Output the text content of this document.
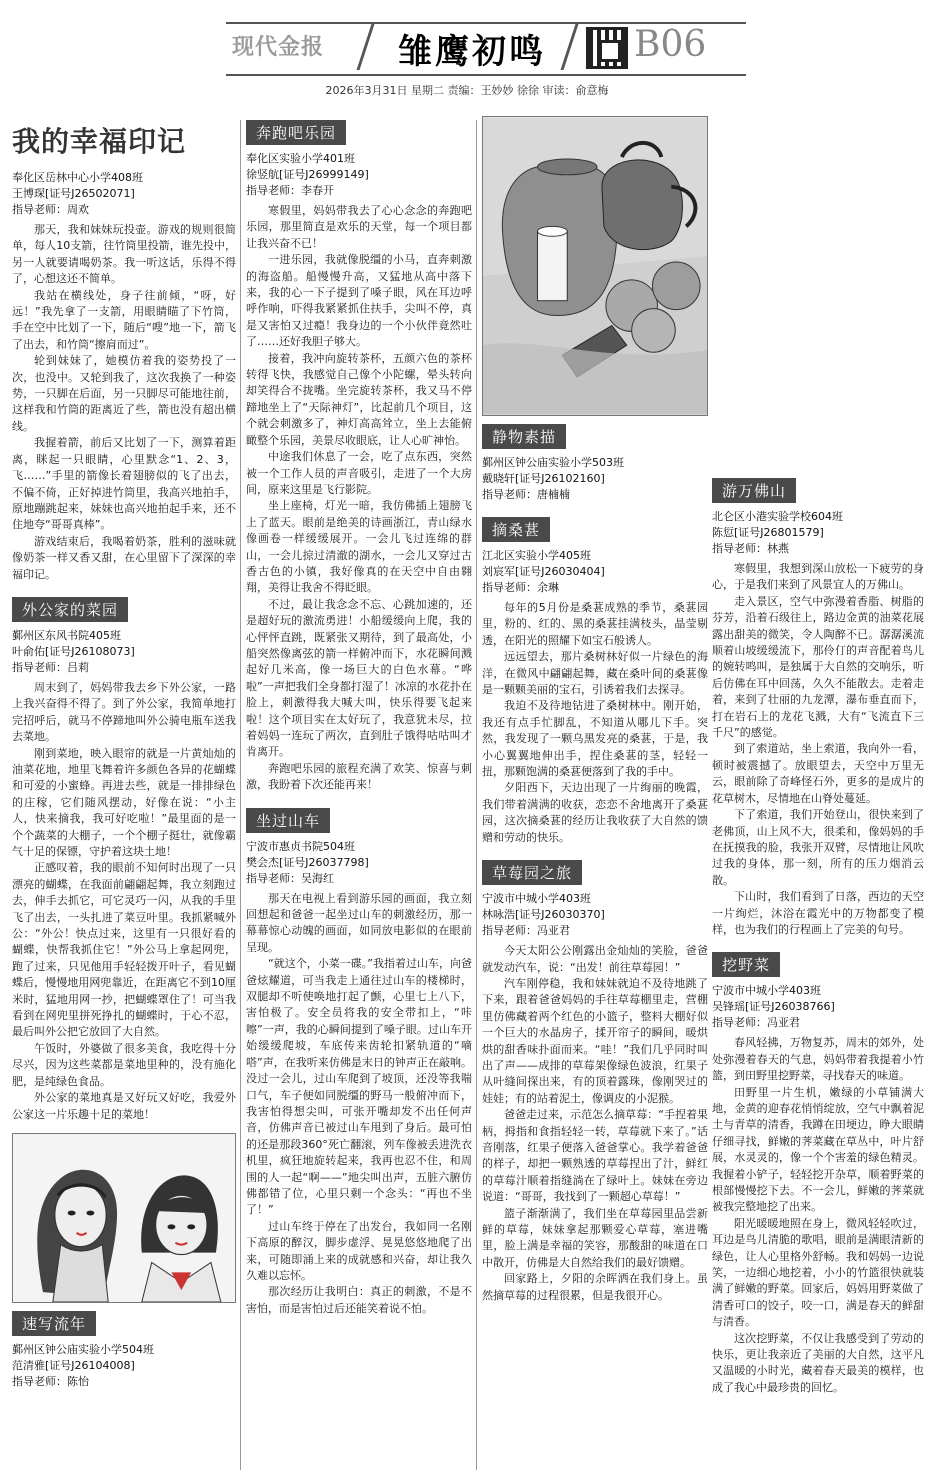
现代金报 雏鹰初鸣 B06
2026年3月31日 星期二 责编：王妙妙 徐徐 审读：俞意梅
我的幸福印记
奉化区岳林中心小学408班
王博琛[证号J26502071]
指导老师：周欢

那天，我和妹妹玩投壶。游戏的规则很简单，每人10支箭，往竹筒里投箭，谁先投中，另一人就要请喝奶茶。我一听这话，乐得不得了，心想这还不简单。

我站在横线处，身子往前倾，“呀，好远！”我先拿了一支箭，用眼睛瞄了下竹筒，手在空中比划了一下，随后“嗖”地一下，箭飞了出去，和竹筒“擦肩而过”。

轮到妹妹了，她模仿着我的姿势投了一次，也没中。又轮到我了，这次我换了一种姿势，一只脚在后面，另一只脚尽可能地往前，这样我和竹筒的距离近了些，箭也没有超出横线。

我握着箭，前后又比划了一下，测算着距离，眯起一只眼睛，心里默念“1、2、3，飞……”手里的箭像长着翅膀似的飞了出去，不偏不倚，正好掉进竹筒里，我高兴地拍手，原地蹦跳起来，妹妹也高兴地拍起手来，还不住地夸“哥哥真棒”。

游戏结束后，我喝着奶茶，胜利的滋味就像奶茶一样又香又甜，在心里留下了深深的幸福印记。

外公家的菜园
鄞州区东风书院405班
叶俞佑[证号J26108073]
指导老师：吕莉

周末到了，妈妈带我去乡下外公家，一路上我兴奋得不得了。到了外公家，我简单地打完招呼后，就马不停蹄地叫外公骑电瓶车送我去菜地。

刚到菜地，映入眼帘的就是一片黄灿灿的油菜花地，地里飞舞着许多颜色各异的花蝴蝶和可爱的小蜜蜂。再进去些，就是一排排绿色的庄稼，它们随风摆动，好像在说：“小主人，快来摘我，我可好吃啦！”最里面的是一个个蔬菜的大棚子，一个个棚子挺壮，就像霸气十足的保镖，守护着这块土地！

正感叹着，我的眼前不知何时出现了一只漂亮的蝴蝶，在我面前翩翩起舞，我立刻跑过去，伸手去抓它，可它灵巧一闪，从我的手里飞了出去，一头扎进了菜豆叶里。我抓紧喊外公：“外公！快点过来，这里有一只很好看的蝴蝶，快帮我抓住它！”外公马上拿起网兜，跑了过来，只见他用手轻轻拨开叶子，看见蝴蝶后，慢慢地用网兜靠近，在距离它不到10厘米时，猛地用网一抄，把蝴蝶罩住了！可当我看到在网兜里拼死挣扎的蝴蝶时，于心不忍，最后叫外公把它放回了大自然。

午饭时，外婆做了很多美食，我吃得十分尽兴，因为这些菜都是菜地里种的，没有施化肥，是纯绿色食品。

外公家的菜地真是又好玩又好吃，我爱外公家这一片乐趣十足的菜地！

速写流年
鄞州区钟公庙实验小学504班
范清雅[证号J26104008]
指导老师：陈怡
奔跑吧乐园
奉化区实验小学401班
徐竖航[证号J26999149]
指导老师：李春开

寒假里，妈妈带我去了心心念念的奔跑吧乐园，那里简直是欢乐的天堂，每一个项目都让我兴奋不已！

一进乐园，我就像脱缰的小马，直奔刺激的海盗船。船慢慢升高，又猛地从高中落下来，我的心一下子提到了嗓子眼，风在耳边呼呼作响，吓得我紧紧抓住扶手，尖叫不停，真是又害怕又过瘾！我身边的一个小伙伴竟然吐了……还好我胆子够大。

接着，我冲向旋转茶杯，五颜六色的茶杯转得飞快，我感觉自己像个小陀螺，晕头转向却笑得合不拢嘴。坐完旋转茶杯，我又马不停蹄地坐上了“天际神灯”，比起前几个项目，这个就会刺激多了，神灯高高耸立，坐上去能俯瞰整个乐园，美景尽收眼底，让人心旷神怡。

中途我们休息了一会，吃了点东西，突然被一个工作人员的声音吸引，走进了一个大房间，原来这里是飞行影院。

坐上座椅，灯光一暗，我仿佛插上翅膀飞上了蓝天。眼前是绝美的诗画浙江，青山绿水像画卷一样缓缓展开。一会儿飞过连绵的群山，一会儿掠过清澈的湖水，一会儿又穿过古香古色的小镇，我好像真的在天空中自由翱翔，美得让我舍不得眨眼。

不过，最让我念念不忘、心跳加速的，还是超好玩的激流勇进！小船缓缓向上爬，我的心怦怦直跳，既紧张又期待，到了最高处，小船突然像离弦的箭一样俯冲而下，水花瞬间溅起好几米高，像一场巨大的白色水幕。“哗啦”一声把我们全身都打湿了！冰凉的水花扑在脸上，刺激得我大喊大叫，快乐得要飞起来啦！这个项目实在太好玩了，我意犹未尽，拉着妈妈一连玩了两次，直到肚子饿得咕咕叫才肯离开。

奔跑吧乐园的旅程充满了欢笑、惊喜与刺激，我盼着下次还能再来！

坐过山车
宁波市惠贞书院504班
樊会杰[证号J26037798]
指导老师：吴海红

那天在电视上看到游乐园的画面，我立刻回想起和爸爸一起坐过山车的刺激经历，那一幕幕惊心动魄的画面，如同放电影似的在眼前呈现。

“就这个，小菜一碟。”我指着过山车，向爸爸炫耀道，可当我走上通往过山车的楼梯时，双腿却不听使唤地打起了颤，心里七上八下，害怕极了。安全员将我的安全带扣上，“咔嚓”一声，我的心瞬间提到了嗓子眼。过山车开始缓缓爬坡，车底传来齿轮扣紧轨道的“嘀嗒”声，在我听来仿佛是末日的钟声正在敲响。没过一会儿，过山车爬到了坡顶，还没等我喘口气，车子便如同脱缰的野马一般俯冲而下，我害怕得想尖叫，可张开嘴却发不出任何声音，仿佛声音已被过山车甩到了身后。最可怕的还是那段360°死亡翻滚，列车像被丢进洗衣机里，疯狂地旋转起来，我再也忍不住，和周围的人一起“啊——”地尖叫出声，五脏六腑仿佛都错了位，心里只剩一个念头：“再也不坐了！”

过山车终于停在了出发台，我如同一名刚下高原的醉汉，脚步虚浮、晃晃悠悠地爬了出来，可随即涌上来的成就感和兴奋，却让我久久难以忘怀。

那次经历让我明白：真正的刺激，不是不害怕，而是害怕过后还能笑着说不怕。

静物素描
鄞州区钟公庙实验小学503班
戴晓轩[证号J26102160]
指导老师：唐楠楠
摘桑葚
江北区实验小学405班
刘宸军[证号J26030404]
指导老师：余琳

每年的5月份是桑葚成熟的季节，桑葚园里，粉的、红的、黑的桑葚挂满枝头，晶莹剔透，在阳光的照耀下如宝石般诱人。

远远望去，那片桑树林好似一片绿色的海洋，在微风中翩翩起舞，藏在桑叶间的桑葚像是一颗颗美丽的宝石，引诱着我们去探寻。

我迫不及待地钻进了桑树林中。刚开始，我还有点手忙脚乱，不知道从哪儿下手。突然，我发现了一颗乌黑发亮的桑葚，于是，我小心翼翼地伸出手，捏住桑葚的茎，轻轻一扭，那颗饱满的桑葚便落到了我的手中。

夕阳西下，天边出现了一片绚丽的晚霞，我们带着满满的收获，恋恋不舍地离开了桑葚园，这次摘桑葚的经历让我收获了大自然的馈赠和劳动的快乐。

草莓园之旅
宁波市中城小学403班
林咏浩[证号J26030370]
指导老师：冯亚君

今天太阳公公刚露出金灿灿的笑脸，爸爸就发动汽车，说：“出发！前往草莓园！”

汽车刚停稳，我和妹妹就迫不及待地跳了下来，跟着爸爸妈妈的手往草莓棚里走，营棚里仿佛藏着两个红色的小篮子，整料大棚好似一个巨大的水晶房子，揉开帘子的瞬间，暖烘烘的甜香味扑面而来。“哇！”我们几乎同时叫出了声——成排的草莓架像绿色波浪，红果子从叶缝间探出来，有的顶着露珠，像刚哭过的娃娃；有的站着泥土，像调皮的小泥猴。

爸爸走过来，示范怎么摘草莓：“手捏着果柄，拇指和食指轻轻一转，草莓就下来了。”话音刚落，红果子便落入爸爸掌心。我学着爸爸的样子，却把一颗熟透的草莓捏出了汁，鲜红的草莓汁顺着指缝淌在了绿叶上。妹妹在旁边说道：“哥哥，我找到了一颗超心草莓！”

篮子渐渐满了，我们坐在草莓园里品尝新鲜的草莓，妹妹拿起那颗爱心草莓，塞进嘴里，脸上满是幸福的笑容，那酸甜的味道在口中散开，仿佛是大自然给我们的最好馈赠。

回家路上，夕阳的余晖洒在我们身上。虽然摘草莓的过程很累，但是我很开心。

游万佛山
北仑区小港实验学校604班
陈愆[证号J26801579]
指导老师：林燕

寒假里，我想到深山放松一下疲劳的身心，于是我们来到了风景宜人的万佛山。

走入景区，空气中弥漫着香脂、树脂的芬芳，沿着石级往上，路边金黄的油菜花展露出甜美的微笑，令人陶醉不已。潺潺溪流顺着山坡缓缓流下，那伶仃的声音配着鸟儿的婉转鸣叫，是独属于大自然的交响乐，听后仿佛在耳中回荡，久久不能散去。走着走着，来到了壮丽的九龙潭，瀑布垂直而下，打在岩石上的龙花飞溅，大有“飞流直下三千尺”的感觉。

到了索道站，坐上索道，我向外一看，顿时被震撼了。放眼望去，天空中万里无云，眼前除了奇峰怪石外，更多的是成片的花草树木，尽情地在山脊处蔓延。

下了索道，我们开始登山，很快来到了老佛顶，山上风不大，很柔和，像妈妈的手在抚摸我的脸，我张开双臂，尽情地让风吹过我的身体，那一刻，所有的压力烟消云散。

下山时，我们看到了日落，西边的天空一片绚烂，沐浴在霞光中的万物都变了模样，也为我们的行程画上了完美的句号。

挖野菜
宁波市中城小学403班
吴锋瑶[证号J26038766]
指导老师：冯亚君

春风轻拂，万物复苏，周末的郊外，处处弥漫着春天的气息，妈妈带着我提着小竹篮，到田野里挖野菜，寻找春天的味道。

田野里一片生机，嫩绿的小草铺满大地，金黄的迎春花悄悄绽放，空气中飘着泥土与青草的清香，我蹲在田埂边，睁大眼睛仔细寻找，鲜嫩的荠菜藏在草丛中，叶片舒展，水灵灵的，像一个个害羞的绿色精灵。我握着小铲子，轻轻挖开杂草，顺着野菜的根部慢慢挖下去。不一会儿，鲜嫩的荠菜就被我完整地挖了出来。

阳光暖暖地照在身上，微风轻轻吹过，耳边是鸟儿清脆的歌唱，眼前是满眼清新的绿色，让人心里格外舒畅。我和妈妈一边说笑，一边细心地挖着，小小的竹篮很快就装满了鲜嫩的野菜。回家后，妈妈用野菜做了清香可口的饺子，咬一口，满是春天的鲜甜与清香。

这次挖野菜，不仅让我感受到了劳动的快乐，更让我亲近了美丽的大自然，这平凡又温暖的小时光，藏着春天最美的模样，也成了我心中最珍贵的回忆。
